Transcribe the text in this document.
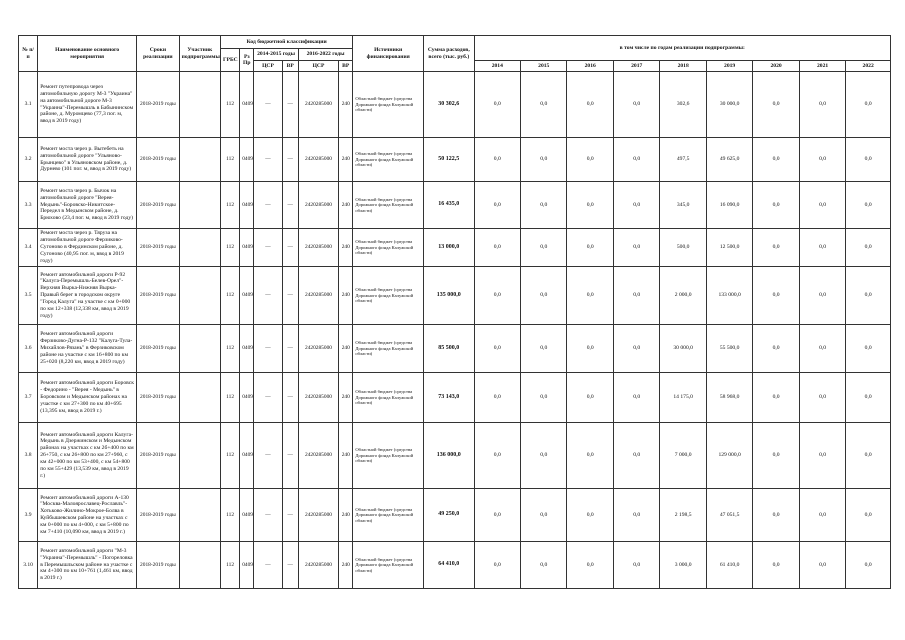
№ п/п	Наименование основного мероприятия	Сроки реализации	Участник подпрограммы	Код бюджетной классификации						Источники финансирования	Сумма расходов, всего (тыс. руб.)	в том числе по годам реализации подпрограммы:								
				ГРБС	Рз Пр	2014-2015 годы		2016-2022 годы												
						ЦСР	ВР	ЦСР	ВР			2014	2015	2016	2017	2018	2019	2020	2021	2022
3.1	Ремонт путепровода через автомобильную дорогу М-3 "Украина" на автомобильной дороге М-3 "Украина"-Перемышль в Бабынинском районе, д. Муромцево (77,3 пог. м, ввод в 2019 году)	2018-2019 годы		112	0409	—	—	2420285000	240	Областной бюджет (средства Дорожного фонда Калужской области)	30 302,6	0,0	0,0	0,0	0,0	302,6	30 000,0	0,0	0,0	0,0
3.2	Ремонт моста через р. Вытебеть на автомобильной дороге "Ульяново-Брынцево" в Ульяновском районе, д. Дурнево (101 пог. м, ввод в 2019 году)	2018-2019 годы		112	0409	—	—	2420285000	240	Областной бюджет (средства Дорожного фонда Калужской области)	50 122,5	0,0	0,0	0,0	0,0	497,5	49 625,0	0,0	0,0	0,0
3.3	Ремонт моста через р. Бычок на автомобильной дороге "Верея-Медынь"-Боровско-Никитское-Передел в Медынском районе, д. Брюхово (23,4 пог. м, ввод в 2019 году)	2018-2019 годы		112	0409	—	—	2420285000	240	Областной бюджет (средства Дорожного фонда Калужской области)	16 435,0	0,0	0,0	0,0	0,0	345,0	16 090,0	0,0	0,0	0,0
3.4	Ремонт моста через р. Тяруза на автомобильной дороге Ферзиково-Сугоново в Фердинском районе, д. Сугоново (40,95 пог. м, ввод в 2019 году)	2018-2019 годы		112	0409	—	—	2420285000	240	Областной бюджет (средства Дорожного фонда Калужской области)	13 000,0	0,0	0,0	0,0	0,0	500,0	12 500,0	0,0	0,0	0,0
3.5	Ремонт автомобильной дороги Р-92 "Калуга-Перемышль-Белев-Орел"-Верхняя Вырка-Нижняя Вырка-Правый берег в городском округе "Город Калуга" на участке с км 0+000 по км 12+338 (12,338 км, ввод в 2019 году)	2018-2019 годы		112	0409	—	—	2420285000	240	Областной бюджет (средства Дорожного фонда Калужской области)	135 000,0	0,0	0,0	0,0	0,0	2 000,0	133 000,0	0,0	0,0	0,0
3.6	Ремонт автомобильной дороги Ферзиково-Дугна-Р-132 "Калуга-Тула-Михайлов-Рязань" в Ферзиковском районе на участке с км 16+800 по км 25+020 (8,220 км, ввод в 2019 году)	2018-2019 годы		112	0409	—	—	2420285000	240	Областной бюджет (средства Дорожного фонда Калужской области)	85 500,0	0,0	0,0	0,0	0,0	30 000,0	55 500,0	0,0	0,0	0,0
3.7	Ремонт автомобильной дороги Боровск - Федорино - "Верея - Медынь" в Боровском и Медынском районах на участке с км 27+300 по км 40+695 (13,395 км, ввод в 2019 г.)	2018-2019 годы		112	0409	—	—	2420285000	240	Областной бюджет (средства Дорожного фонда Калужской области)	73 143,0	0,0	0,0	0,0	0,0	14 175,0	58 968,0	0,0	0,0	0,0
3.8	Ремонт автомобильной дороги Калуга-Медынь в Дзержинском и Медынском районах на участках с км 2б+400 по км 26+750, с км 26+800 по км 27+960, с км 42+000 по км 53+400, с км 54+800 по км 55+429 (13,539 км, ввод в 2019 г.)	2018-2019 годы		112	0409	—	—	2420285000	240	Областной бюджет (средства Дорожного фонда Калужской области)	136 000,0	0,0	0,0	0,0	0,0	7 000,0	129 000,0	0,0	0,0	0,0
3.9	Ремонт автомобильной дороги А-130 "Москва-Малоярославец-Рославль"-Хотьково-Жилино-Мокрое-Болва в Куйбышевском районе на участках с км 0+000 по км 4+000, с км 5+800 по км 7+410 (10,090 км, ввод в 2019 г.)	2018-2019 годы		112	0409	—	—	2420285000	240	Областной бюджет (средства Дорожного фонда Калужской области)	49 250,0	0,0	0,0	0,0	0,0	2 198,5	47 051,5	0,0	0,0	0,0
3.10	Ремонт автомобильной дороги "М-3 "Украина"-Перемышль" - Погореловка в Перемышльском районе на участке с км 4+300 по км 10+761 (1,461 км, ввод в 2019 г.)	2018-2019 годы		112	0409	—	—	2420285000	240	Областной бюджет (средства Дорожного фонда Калужской области)	64 410,0	0,0	0,0	0,0	0,0	3 000,0	61 410,0	0,0	0,0	0,0
